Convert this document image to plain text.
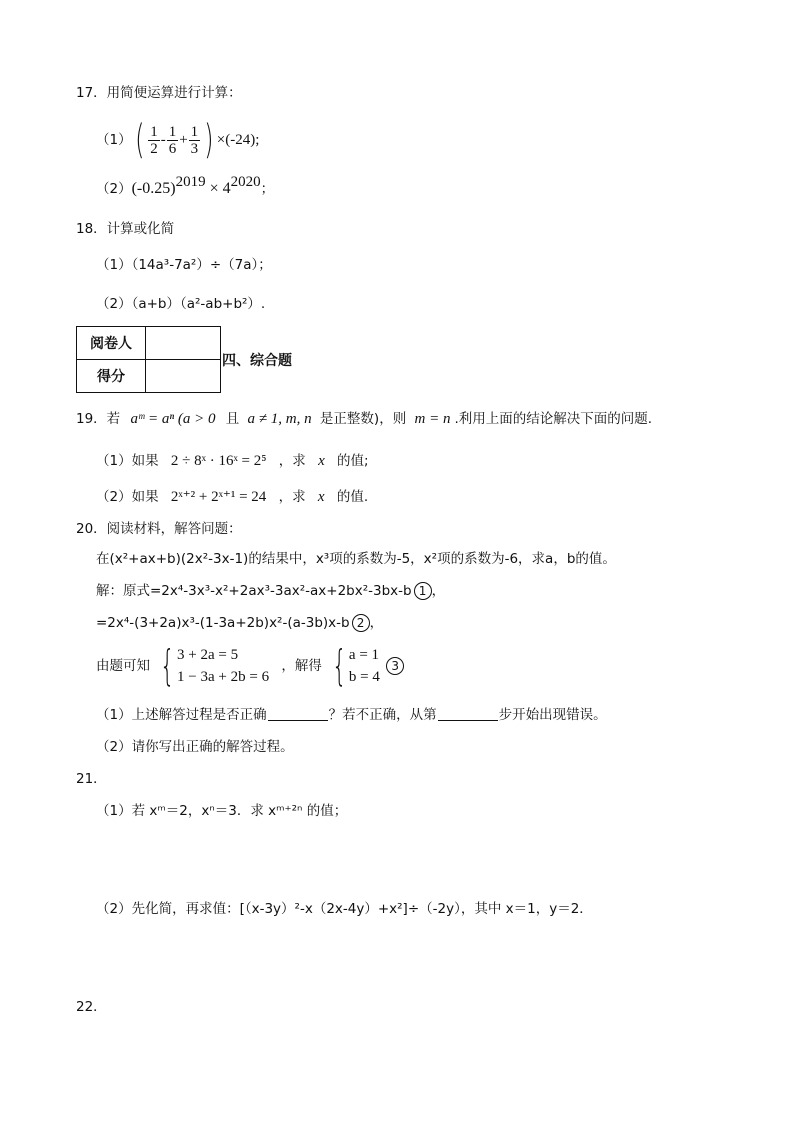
17．用简便运算进行计算：
$(1)( \frac{1}{2} - \frac{1}{6} + \frac{1}{3}$ ) ×(-24);
$(2)(-0.25)^{2019} \times 4^{2020}$；
18．计算或化简
（1）（14a³-7a²）÷（7a）；
（2）（a+b）（a²-ab+b²）.
阅卷人	
得分	
四、综合题
19．若 aᵐ = aⁿ (a > 0 且 a ≠ 1, m, n 是正整数)，则 m = n .利用上面的结论解决下面的问题.
（1）如果 2 ÷ 8ˣ · 16ˣ = 2⁵ ，求 x 的值;
（2）如果 2ˣ⁺² + 2ˣ⁺¹ = 24 ，求 x 的值.
20．阅读材料，解答问题：
在(x²+ax+b)(2x²-3x-1)的结果中，x³项的系数为-5，x²项的系数为-6，求a，b的值。
解：原式=2x⁴-3x³-x²+2ax³-3ax²-ax+2bx²-3bx-b 1 ，
=2x⁴-(3+2a)x³-(1-3a+2b)x²-(a-3b)x-b 2 ，
由题可知 { 3 + 2a = 5
1 − 3a + 2b = 6
，解得 { a = 1
b = 4
3
（1）上述解答过程是否正确	？若不正确，从第	步开始出现错误。
（2）请你写出正确的解答过程。
21．
（1）若 xᵐ＝2，xⁿ＝3．求 xᵐ⁺²ⁿ 的值；
（2）先化简，再求值：[（x-3y）²-x（2x-4y）+x²]÷（-2y），其中 x＝1，y＝2．
22．
